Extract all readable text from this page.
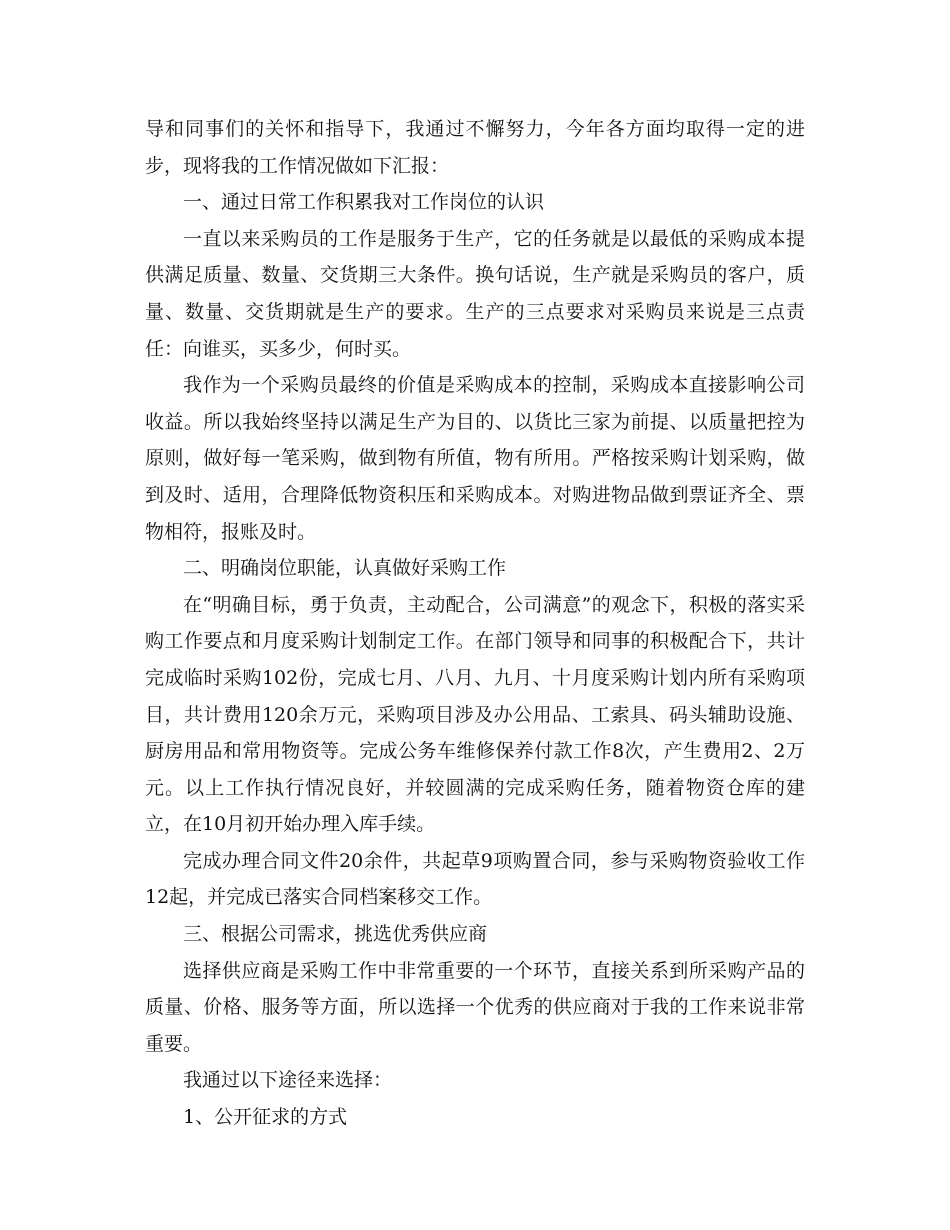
导和同事们的关怀和指导下，我通过不懈努力，今年各方面均取得一定的进步，现将我的工作情况做如下汇报：

一、通过日常工作积累我对工作岗位的认识

一直以来采购员的工作是服务于生产，它的任务就是以最低的采购成本提供满足质量、数量、交货期三大条件。换句话说，生产就是采购员的客户，质量、数量、交货期就是生产的要求。生产的三点要求对采购员来说是三点责任：向谁买，买多少，何时买。

我作为一个采购员最终的价值是采购成本的控制，采购成本直接影响公司收益。所以我始终坚持以满足生产为目的、以货比三家为前提、以质量把控为原则，做好每一笔采购，做到物有所值，物有所用。严格按采购计划采购，做到及时、适用，合理降低物资积压和采购成本。对购进物品做到票证齐全、票物相符，报账及时。

二、明确岗位职能，认真做好采购工作

在“明确目标，勇于负责，主动配合，公司满意”的观念下，积极的落实采购工作要点和月度采购计划制定工作。在部门领导和同事的积极配合下，共计完成临时采购102份，完成七月、八月、九月、十月度采购计划内所有采购项目，共计费用120余万元，采购项目涉及办公用品、工索具、码头辅助设施、厨房用品和常用物资等。完成公务车维修保养付款工作8次，产生费用2、2万元。以上工作执行情况良好，并较圆满的完成采购任务，随着物资仓库的建立，在10月初开始办理入库手续。

完成办理合同文件20余件，共起草9项购置合同，参与采购物资验收工作12起，并完成已落实合同档案移交工作。

三、根据公司需求，挑选优秀供应商

选择供应商是采购工作中非常重要的一个环节，直接关系到所采购产品的质量、价格、服务等方面，所以选择一个优秀的供应商对于我的工作来说非常重要。

我通过以下途径来选择：

1、公开征求的方式
